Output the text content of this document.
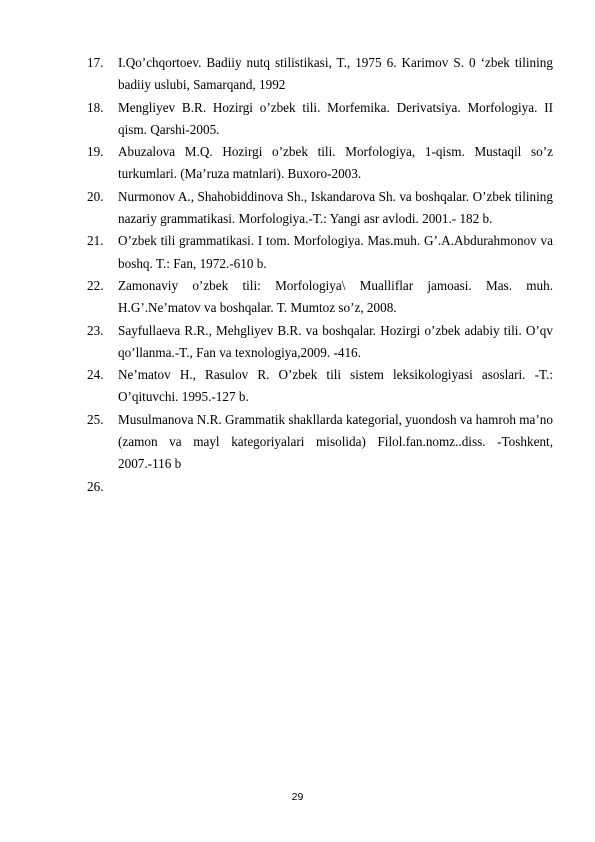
17. I.Qo’chqortoev. Badiiy nutq stilistikasi, T., 1975 6. Karimov S. 0 ‘zbek tilining badiiy uslubi, Samarqand, 1992
18. Mengliyev B.R. Hozirgi o’zbek tili. Morfemika. Derivatsiya. Morfologiya. II qism. Qarshi-2005.
19. Abuzalova M.Q. Hozirgi o’zbek tili. Morfologiya, 1-qism. Mustaqil so’z turkumlari. (Ma’ruza matnlari). Buxoro-2003.
20. Nurmonov A., Shahobiddinova Sh., Iskandarova Sh. va boshqalar. O’zbek tilining nazariy grammatikasi. Morfologiya.-T.: Yangi asr avlodi. 2001.- 182 b.
21. O’zbek tili grammatikasi. I tom. Morfologiya. Mas.muh. G’.A.Abdurahmonov va boshq. T.: Fan, 1972.-610 b.
22. Zamonaviy o’zbek tili: Morfologiya\ Mualliflar jamoasi. Mas. muh. H.G’.Ne’matov va boshqalar. T. Mumtoz so’z, 2008.
23. Sayfullaeva R.R., Mehgliyev B.R. va boshqalar. Hozirgi o’zbek adabiy tili. O’qv qo’llanma.-T., Fan va texnologiya,2009. -416.
24. Ne’matov H., Rasulov R. O’zbek tili sistem leksikologiyasi asoslari. -T.: O’qituvchi. 1995.-127 b.
25. Musulmanova N.R. Grammatik shakllarda kategorial, yuondosh va hamroh ma’no (zamon va mayl kategoriyalari misolida) Filol.fan.nomz..diss. -Toshkent, 2007.-116 b
26.

29
